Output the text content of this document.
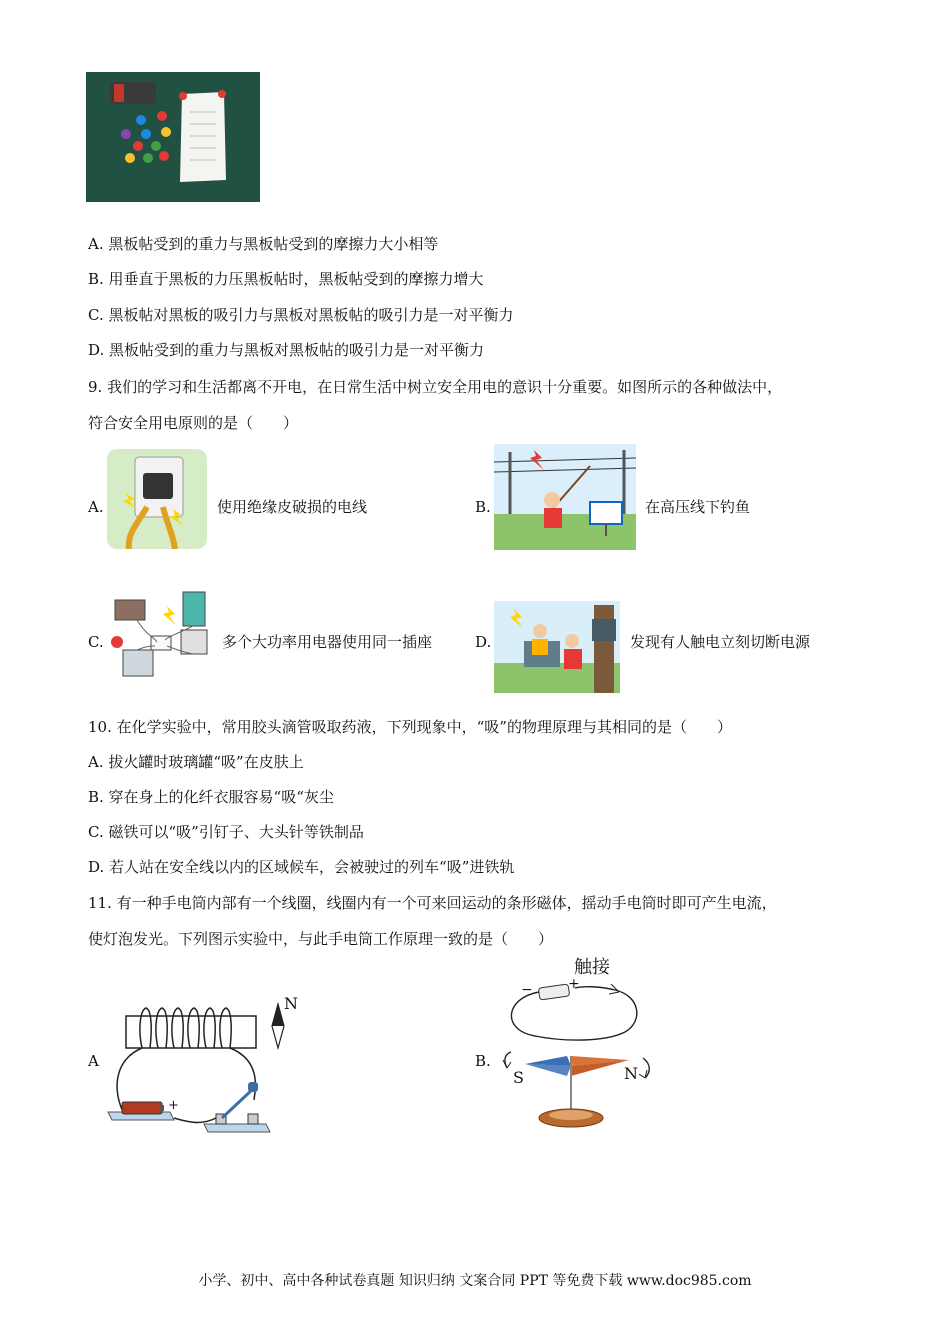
A. 黑板帖受到的重力与黑板帖受到的摩擦力大小相等
B. 用垂直于黑板的力压黑板帖时，黑板帖受到的摩擦力增大
C. 黑板帖对黑板的吸引力与黑板对黑板帖的吸引力是一对平衡力
D. 黑板帖受到的重力与黑板对黑板帖的吸引力是一对平衡力
9. 我们的学习和生活都离不开电，在日常生活中树立安全用电的意识十分重要。如图所示的各种做法中，
符合安全用电原则的是（　　）
A.	使用绝缘皮破损的电线	B.	在高压线下钓鱼
C.	多个大功率用电器使用同一插座	D.	发现有人触电立刻切断电源
10. 在化学实验中，常用胶头滴管吸取药液，下列现象中，“吸”的物理原理与其相同的是（　　）
A. 拔火罐时玻璃罐“吸”在皮肤上
B. 穿在身上的化纤衣服容易“吸“灰尘
C. 磁铁可以“吸”引钉子、大头针等铁制品
D. 若人站在安全线以内的区域候车，会被驶过的列车“吸”进铁轨
11. 有一种手电筒内部有一个线圈，线圈内有一个可来回运动的条形磁体，摇动手电筒时即可产生电流，
使灯泡发光。下列图示实验中，与此手电筒工作原理一致的是（　　）
A
N
+
B.
触接
−	+
S	N
小学、初中、高中各种试卷真题 知识归纳 文案合同 PPT 等免费下载 www.doc985.com
